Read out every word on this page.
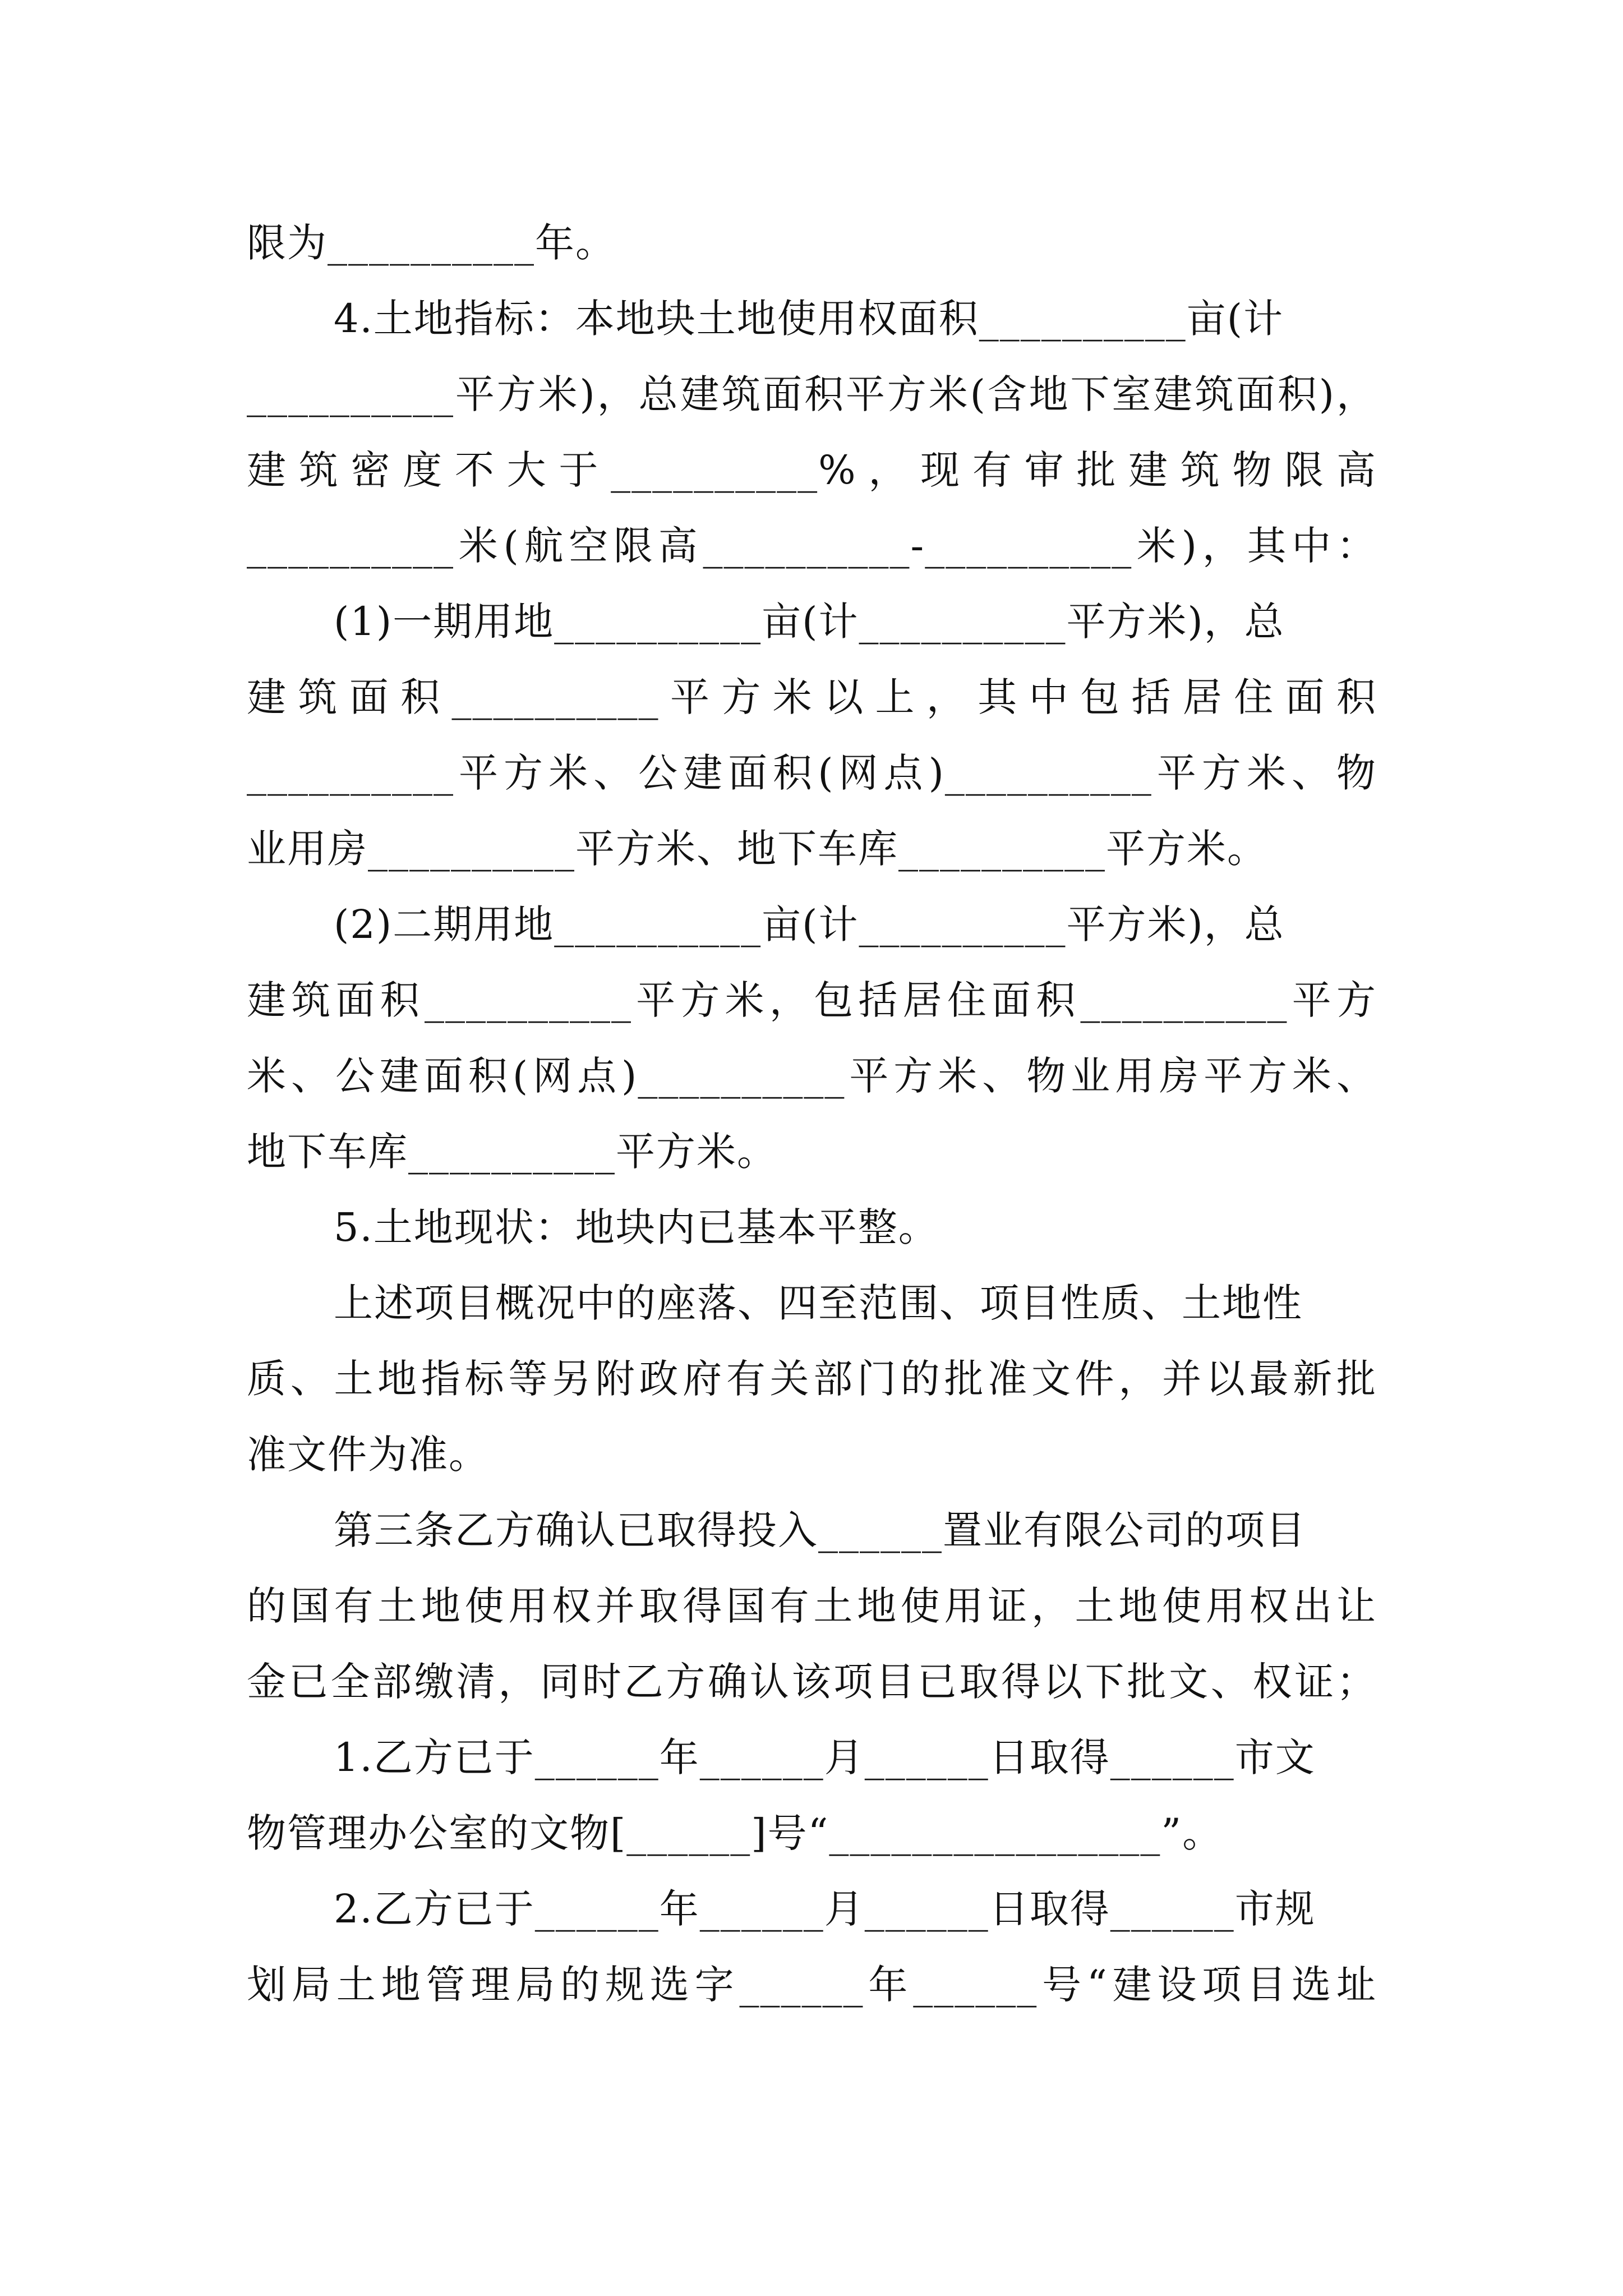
限为__________年。
4.土地指标：本地块土地使用权面积__________亩(计
__________平方米)，总建筑面积平方米(含地下室建筑面积)，
建筑密度不大于__________%，现有审批建筑物限高
__________米(航空限高__________-__________米)，其中：
(1)一期用地__________亩(计__________平方米)，总
建筑面积__________平方米以上，其中包括居住面积
__________平方米、公建面积(网点)__________平方米、物
业用房__________平方米、地下车库__________平方米。
(2)二期用地__________亩(计__________平方米)，总
建筑面积__________平方米，包括居住面积__________平方
米、公建面积(网点)__________平方米、物业用房平方米、
地下车库__________平方米。
5.土地现状：地块内已基本平整。
上述项目概况中的座落、四至范围、项目性质、土地性
质、土地指标等另附政府有关部门的批准文件，并以最新批
准文件为准。
第三条乙方确认已取得投入______置业有限公司的项目
的国有土地使用权并取得国有土地使用证，土地使用权出让
金已全部缴清，同时乙方确认该项目已取得以下批文、权证；
1.乙方已于______年______月______日取得______市文
物管理办公室的文物[______]号“________________”。
2.乙方已于______年______月______日取得______市规
划局土地管理局的规选字______年______号“建设项目选址
